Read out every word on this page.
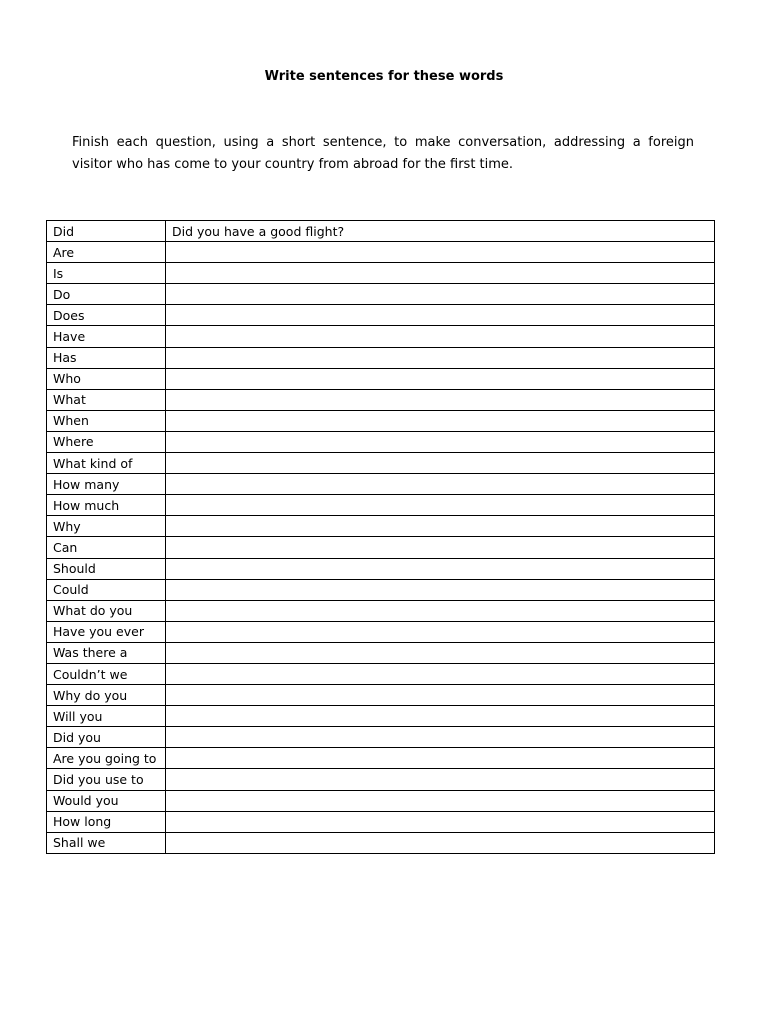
Write sentences for these words

Finish each question, using a short sentence, to make conversation, addressing a foreign visitor who has come to your country from abroad for the first time.

Did	Did you have a good flight?
Are	
Is	
Do	
Does	
Have	
Has	
Who	
What	
When	
Where	
What kind of	
How many	
How much	
Why	
Can	
Should	
Could	
What do you	
Have you ever	
Was there a	
Couldn’t we	
Why do you	
Will you	
Did you	
Are you going to	
Did you use to	
Would you	
How long	
Shall we	
